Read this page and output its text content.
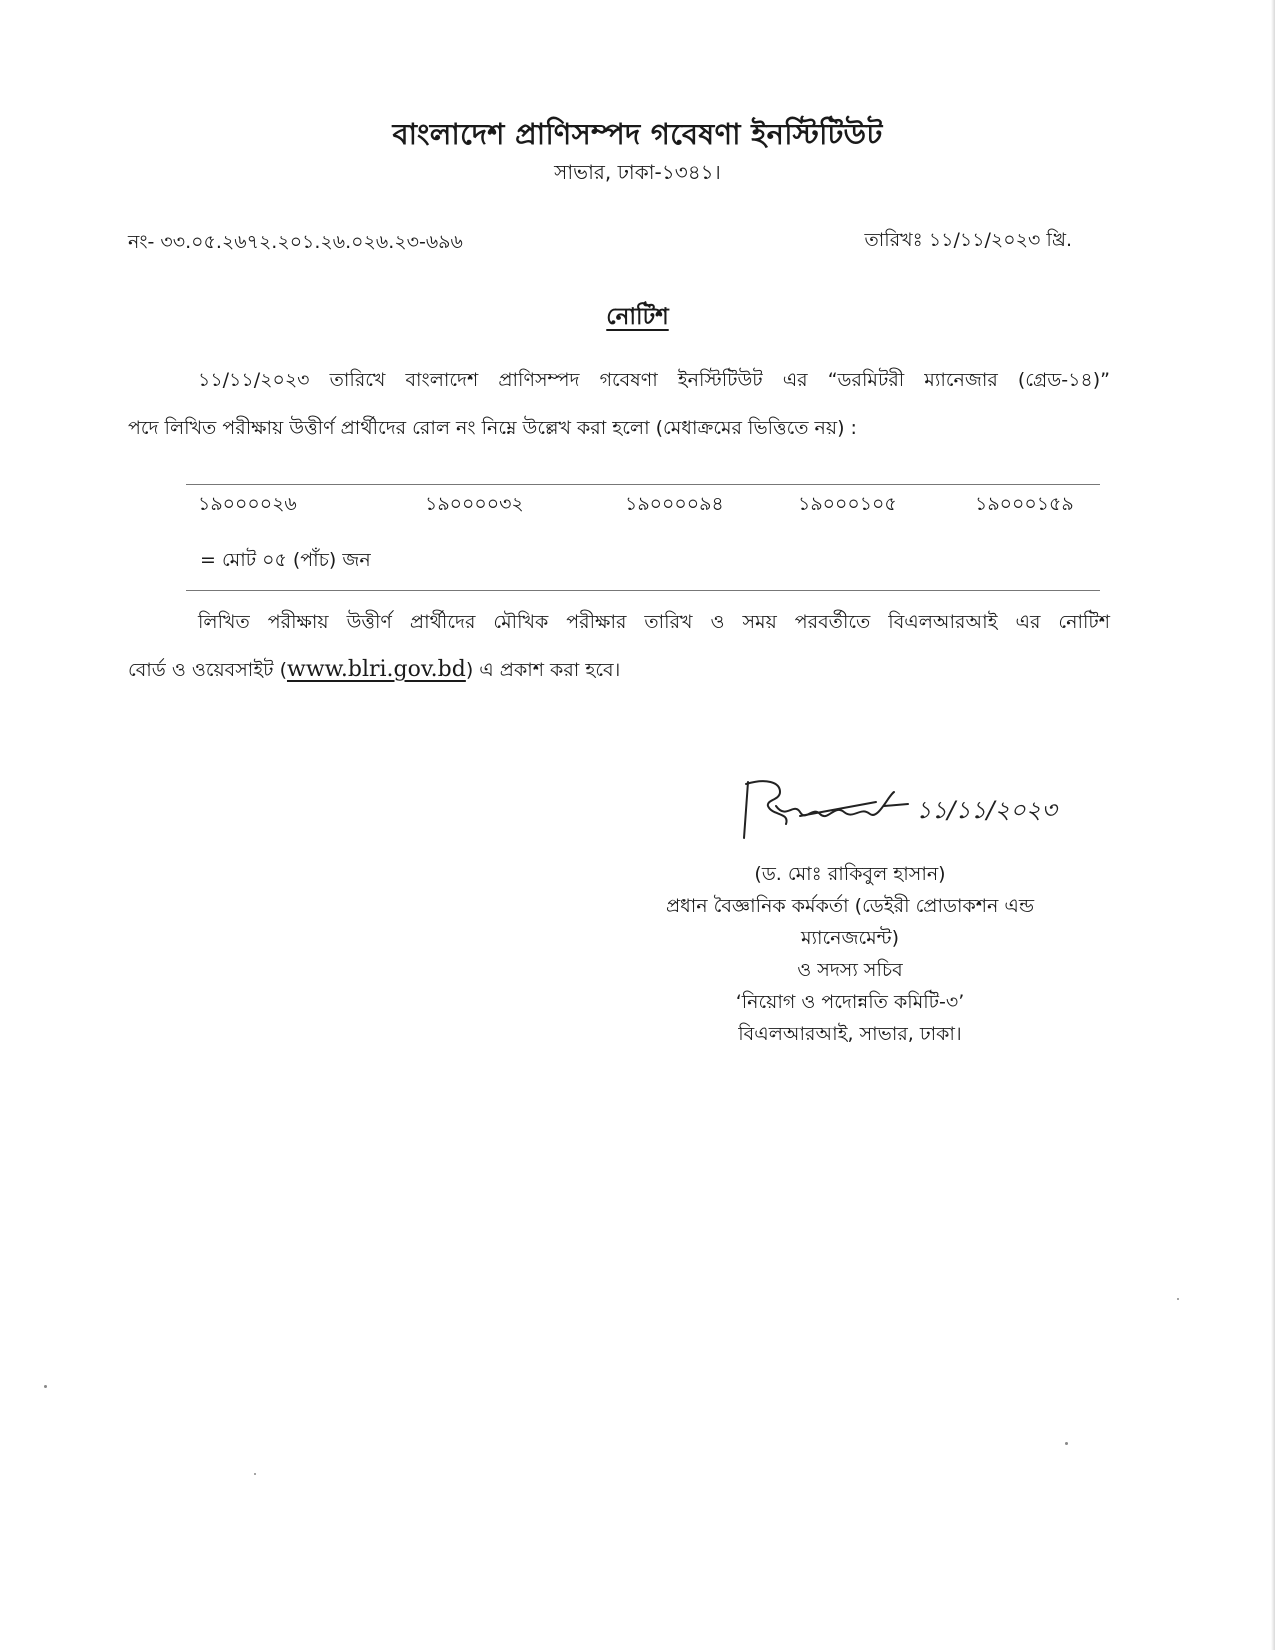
বাংলাদেশ প্রাণিসম্পদ গবেষণা ইনস্টিটিউট
সাভার, ঢাকা-১৩৪১।
নং- ৩৩.০৫.২৬৭২.২০১.২৬.০২৬.২৩-৬৯৬	তারিখঃ ১১/১১/২০২৩ খ্রি.
নোটিশ
১১/১১/২০২৩ তারিখে বাংলাদেশ প্রাণিসম্পদ গবেষণা ইনস্টিটিউট এর “ডরমিটরী ম্যানেজার (গ্রেড-১৪)”
পদে লিখিত পরীক্ষায় উত্তীর্ণ প্রার্থীদের রোল নং নিম্নে উল্লেখ করা হলো (মেধাক্রমের ভিত্তিতে নয়) :
১৯০০০০২৬	১৯০০০০৩২	১৯০০০০৯৪	১৯০০০১০৫	১৯০০০১৫৯
= মোট ০৫ (পাঁচ) জন
লিখিত পরীক্ষায় উত্তীর্ণ প্রার্থীদের মৌখিক পরীক্ষার তারিখ ও সময় পরবর্তীতে বিএলআরআই এর নোটিশ
বোর্ড ও ওয়েবসাইট (www.blri.gov.bd) এ প্রকাশ করা হবে।
১১/১১/২০২৩
(ড. মোঃ রাকিবুল হাসান)
প্রধান বৈজ্ঞানিক কর্মকর্তা (ডেইরী প্রোডাকশন এন্ড
ম্যানেজমেন্ট)
ও সদস্য সচিব
‘নিয়োগ ও পদোন্নতি কমিটি-৩’
বিএলআরআই, সাভার, ঢাকা।
